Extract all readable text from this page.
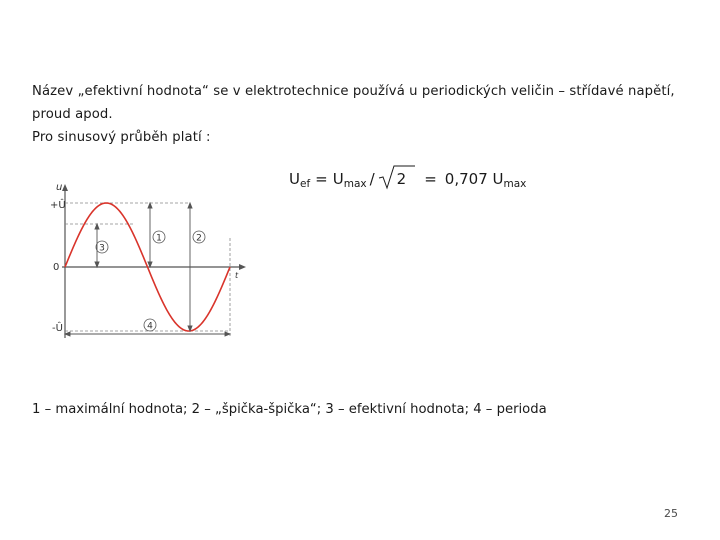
Název „efektivní hodnota“ se v elektrotechnice používá u periodických veličin – střídavé napětí,

proud apod.

Pro sinusový průběh platí :

$U_{ef} = U_{max}$ /	2 = 0,707 $U_{max}$
u
+Û
0
-Û
t
3
1	2
4
1 – maximální hodnota; 2 – „špička-špička“; 3 – efektivní hodnota; 4 – perioda
25
